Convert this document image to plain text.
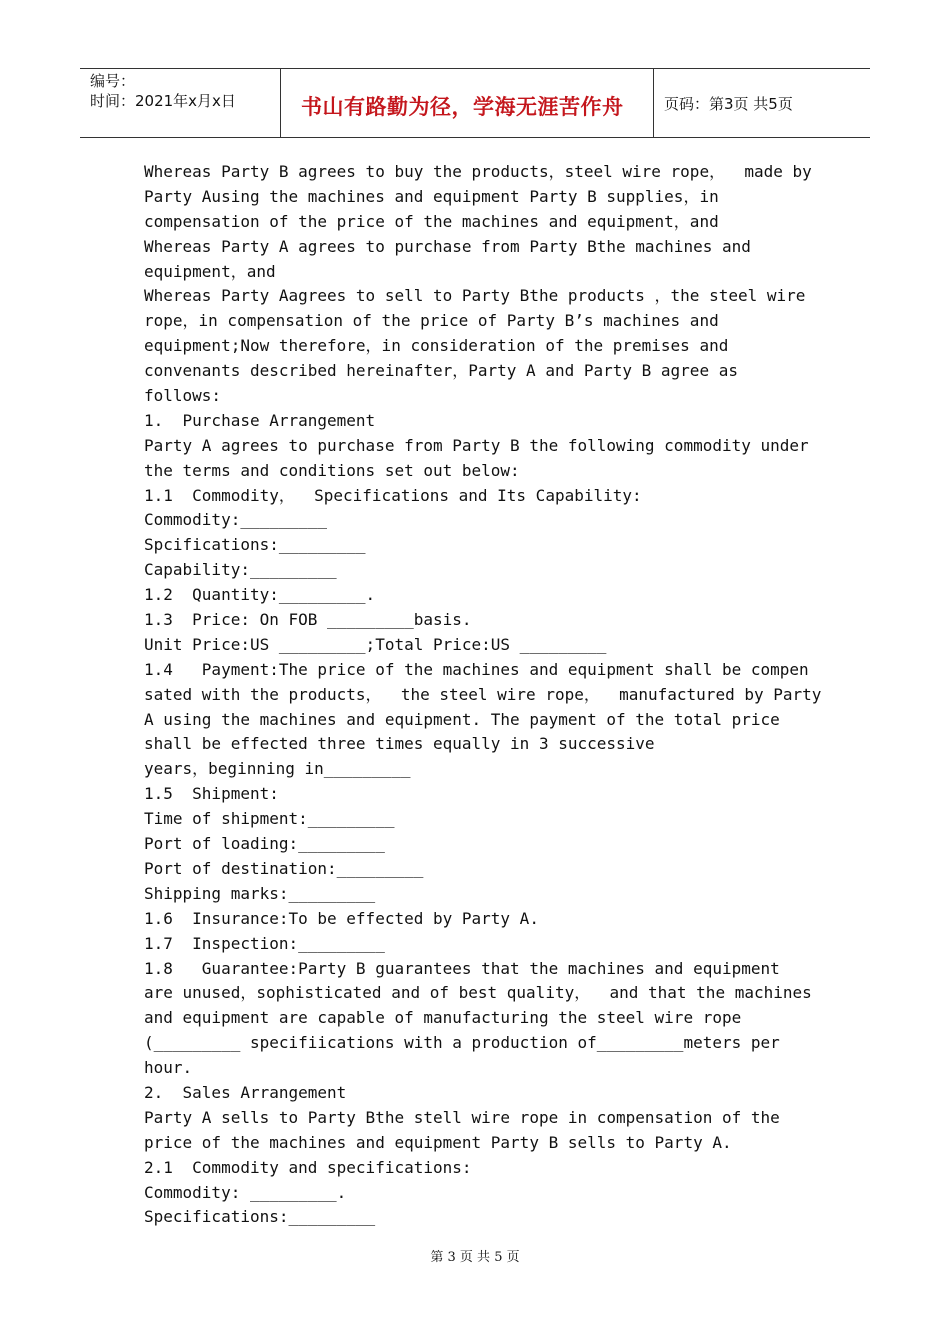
编号：
时间：2021年x月x日	书山有路勤为径，学海无涯苦作舟	页码：第3页 共5页
Whereas Party B agrees to buy the products，steel wire rope，  made by
Party Ausing the machines and equipment Party B supplies，in
compensation of the price of the machines and equipment，and
Whereas Party A agrees to purchase from Party Bthe machines and
equipment，and
Whereas Party Aagrees to sell to Party Bthe products ，the steel wire
rope，in compensation of the price of Party B’s machines and
equipment;Now therefore，in consideration of the premises and
convenants described hereinafter，Party A and Party B agree as
follows:
1.  Purchase Arrangement
Party A agrees to purchase from Party B the following commodity under
the terms and conditions set out below:
1.1  Commodity，  Specifications and Its Capability:
Commodity:_________
Spcifications:_________
Capability:_________
1.2  Quantity:_________.
1.3  Price: On FOB _________basis.
Unit Price:US _________;Total Price:US _________
1.4   Payment:The price of the machines and equipment shall be compen
sated with the products，  the steel wire rope，  manufactured by Party
A using the machines and equipment. The payment of the total price
shall be effected three times equally in 3 successive
years，beginning in_________
1.5  Shipment:
Time of shipment:_________
Port of loading:_________
Port of destination:_________
Shipping marks:_________
1.6  Insurance:To be effected by Party A.
1.7  Inspection:_________
1.8   Guarantee:Party B guarantees that the machines and equipment
are unused，sophisticated and of best quality，  and that the machines
and equipment are capable of manufacturing the steel wire rope
(_________ specifiications with a production of_________meters per
hour.
2.  Sales Arrangement
Party A sells to Party Bthe stell wire rope in compensation of the
price of the machines and equipment Party B sells to Party A.
2.1  Commodity and specifications:
Commodity: _________.
Specifications:_________
第 3 页 共 5 页
